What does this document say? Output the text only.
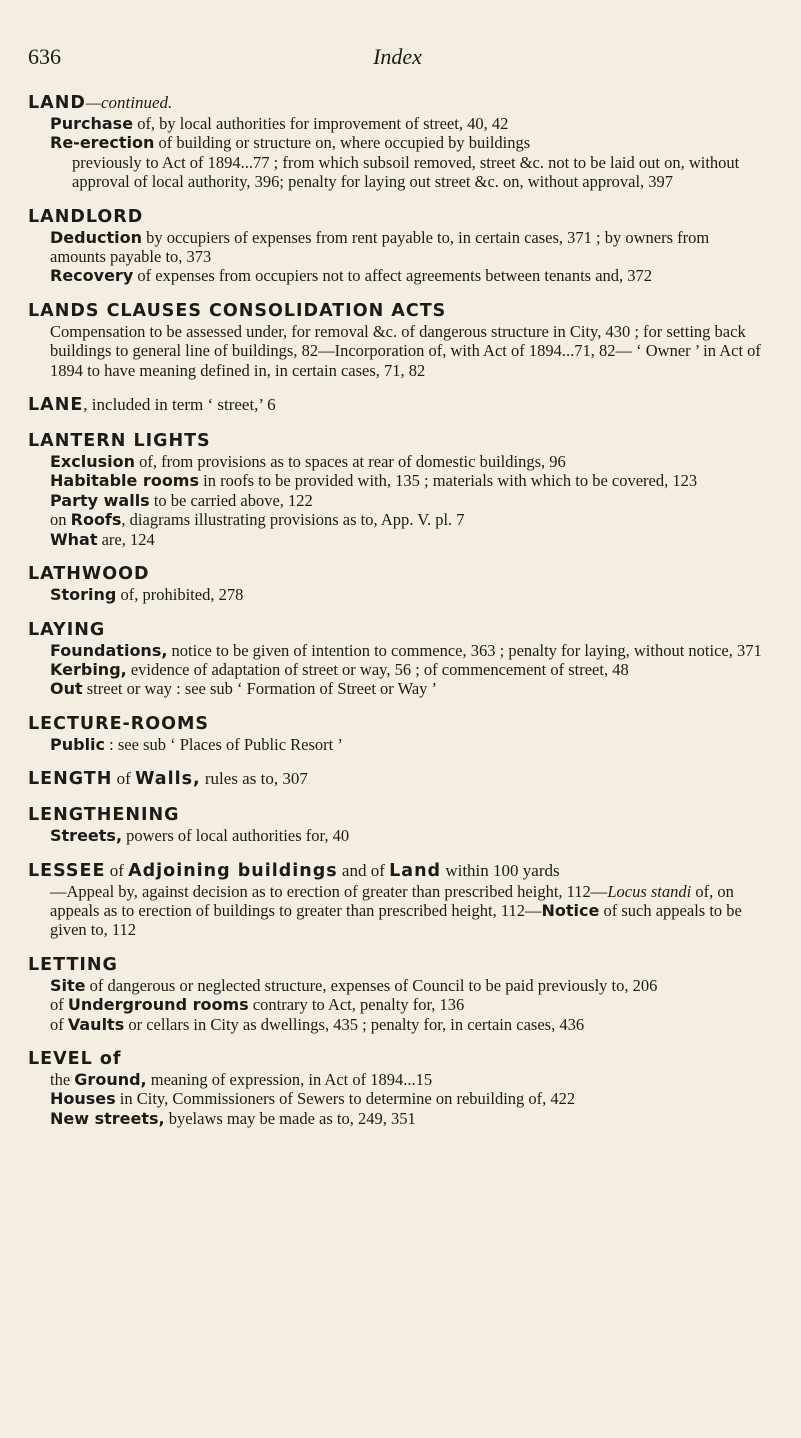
636	Index
LAND—continued.
Purchase of, by local authorities for improvement of street, 40, 42
Re-erection of building or structure on, where occupied by buildings
previously to Act of 1894...77 ; from which subsoil removed, street &c. not to be laid out on, without approval of local authority, 396; penalty for laying out street &c. on, without approval, 397
LANDLORD
Deduction by occupiers of expenses from rent payable to, in certain cases, 371 ; by owners from amounts payable to, 373
Recovery of expenses from occupiers not to affect agreements between tenants and, 372
LANDS CLAUSES CONSOLIDATION ACTS
Compensation to be assessed under, for removal &c. of dangerous structure in City, 430 ; for setting back buildings to general line of buildings, 82—Incorporation of, with Act of 1894...71, 82— ‘ Owner ’ in Act of 1894 to have meaning defined in, in certain cases, 71, 82
LANE, included in term ‘ street,’ 6
LANTERN LIGHTS
Exclusion of, from provisions as to spaces at rear of domestic buildings, 96
Habitable rooms in roofs to be provided with, 135 ; materials with which to be covered, 123
Party walls to be carried above, 122
on Roofs, diagrams illustrating provisions as to, App. V. pl. 7
What are, 124
LATHWOOD
Storing of, prohibited, 278
LAYING
Foundations, notice to be given of intention to commence, 363 ; penalty for laying, without notice, 371
Kerbing, evidence of adaptation of street or way, 56 ; of commencement of street, 48
Out street or way : see sub ‘ Formation of Street or Way ’
LECTURE-ROOMS
Public : see sub ‘ Places of Public Resort ’
LENGTH of Walls, rules as to, 307
LENGTHENING
Streets, powers of local authorities for, 40
LESSEE of Adjoining buildings and of Land within 100 yards
—Appeal by, against decision as to erection of greater than prescribed height, 112—Locus standi of, on appeals as to erection of buildings to greater than prescribed height, 112—Notice of such appeals to be given to, 112
LETTING
Site of dangerous or neglected structure, expenses of Council to be paid previously to, 206
of Underground rooms contrary to Act, penalty for, 136
of Vaults or cellars in City as dwellings, 435 ; penalty for, in certain cases, 436
LEVEL of
the Ground, meaning of expression, in Act of 1894...15
Houses in City, Commissioners of Sewers to determine on rebuilding of, 422
New streets, byelaws may be made as to, 249, 351
